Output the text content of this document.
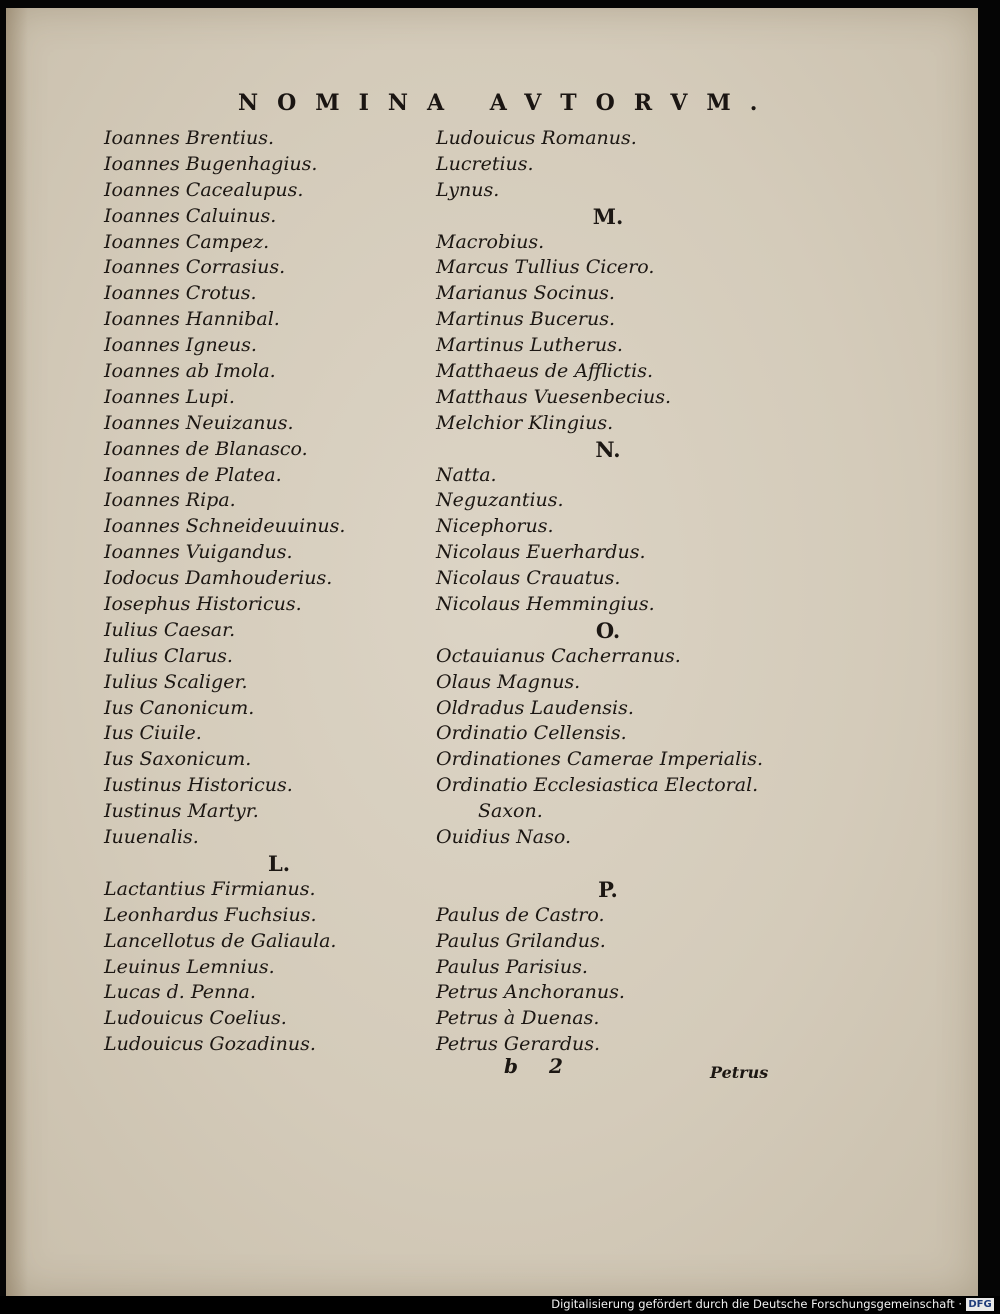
NOMINA AVTORVM.
Ioannes Brentius.
Ioannes Bugenhagius.
Ioannes Cacealupus.
Ioannes Caluinus.
Ioannes Campez.
Ioannes Corrasius.
Ioannes Crotus.
Ioannes Hannibal.
Ioannes Igneus.
Ioannes ab Imola.
Ioannes Lupi.
Ioannes Neuizanus.
Ioannes de Blanasco.
Ioannes de Platea.
Ioannes Ripa.
Ioannes Schneideuuinus.
Ioannes Vuigandus.
Iodocus Damhouderius.
Iosephus Historicus.
Iulius Caesar.
Iulius Clarus.
Iulius Scaliger.
Ius Canonicum.
Ius Ciuile.
Ius Saxonicum.
Iustinus Historicus.
Iustinus Martyr.
Iuuenalis.
L.
Lactantius Firmianus.
Leonhardus Fuchsius.
Lancellotus de Galiaula.
Leuinus Lemnius.
Lucas d. Penna.
Ludouicus Coelius.
Ludouicus Gozadinus.
Ludouicus Romanus.
Lucretius.
Lynus.
M.
Macrobius.
Marcus Tullius Cicero.
Marianus Socinus.
Martinus Bucerus.
Martinus Lutherus.
Matthaeus de Afflictis.
Matthaus Vuesenbecius.
Melchior Klingius.
N.
Natta.
Neguzantius.
Nicephorus.
Nicolaus Euerhardus.
Nicolaus Crauatus.
Nicolaus Hemmingius.
O.
Octauianus Cacherranus.
Olaus Magnus.
Oldradus Laudensis.
Ordinatio Cellensis.
Ordinationes Camerae Imperialis.
Ordinatio Ecclesiastica Electoral.
Saxon.
Ouidius Naso.
P.
Paulus de Castro.
Paulus Grilandus.
Paulus Parisius.
Petrus Anchoranus.
Petrus à Duenas.
Petrus Gerardus.
b 2	Petrus
Digitalisierung gefördert durch die Deutsche Forschungsgemeinschaft · DFG
